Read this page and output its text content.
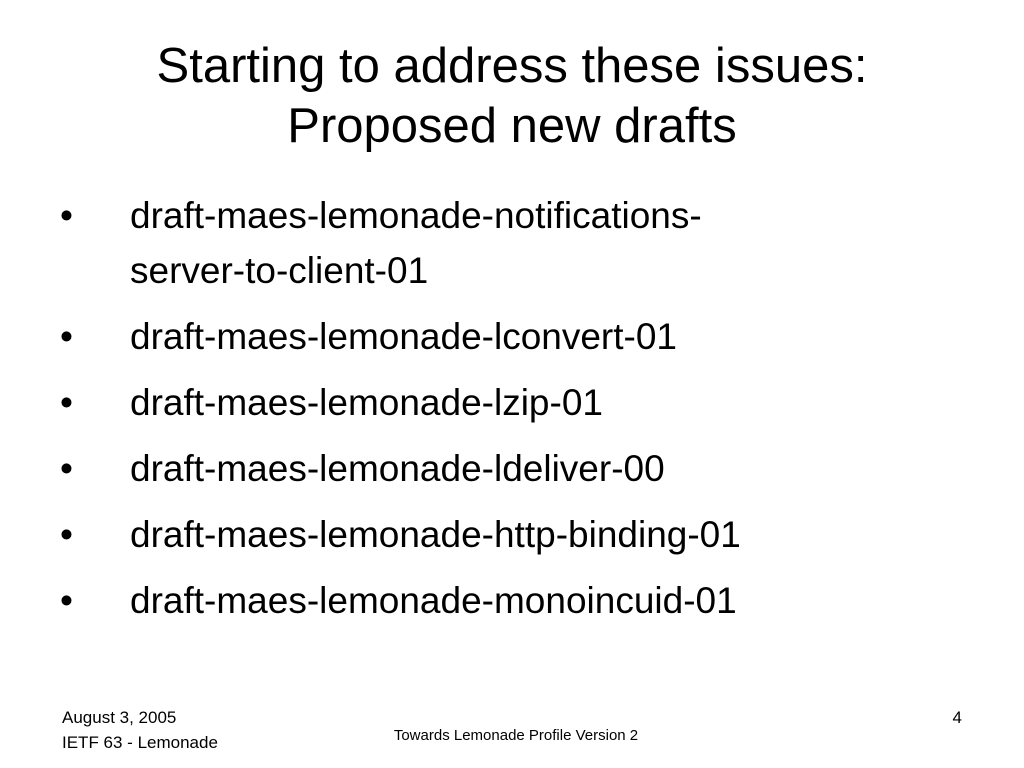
Starting to address these issues:
Proposed new drafts
•	draft-maes-lemonade-notifications-
server-to-client-01
•	draft-maes-lemonade-lconvert-01
•	draft-maes-lemonade-lzip-01
•	draft-maes-lemonade-ldeliver-00
•	draft-maes-lemonade-http-binding-01
•	draft-maes-lemonade-monoincuid-01
August 3, 2005
IETF 63 - Lemonade	Towards Lemonade Profile Version 2
4
